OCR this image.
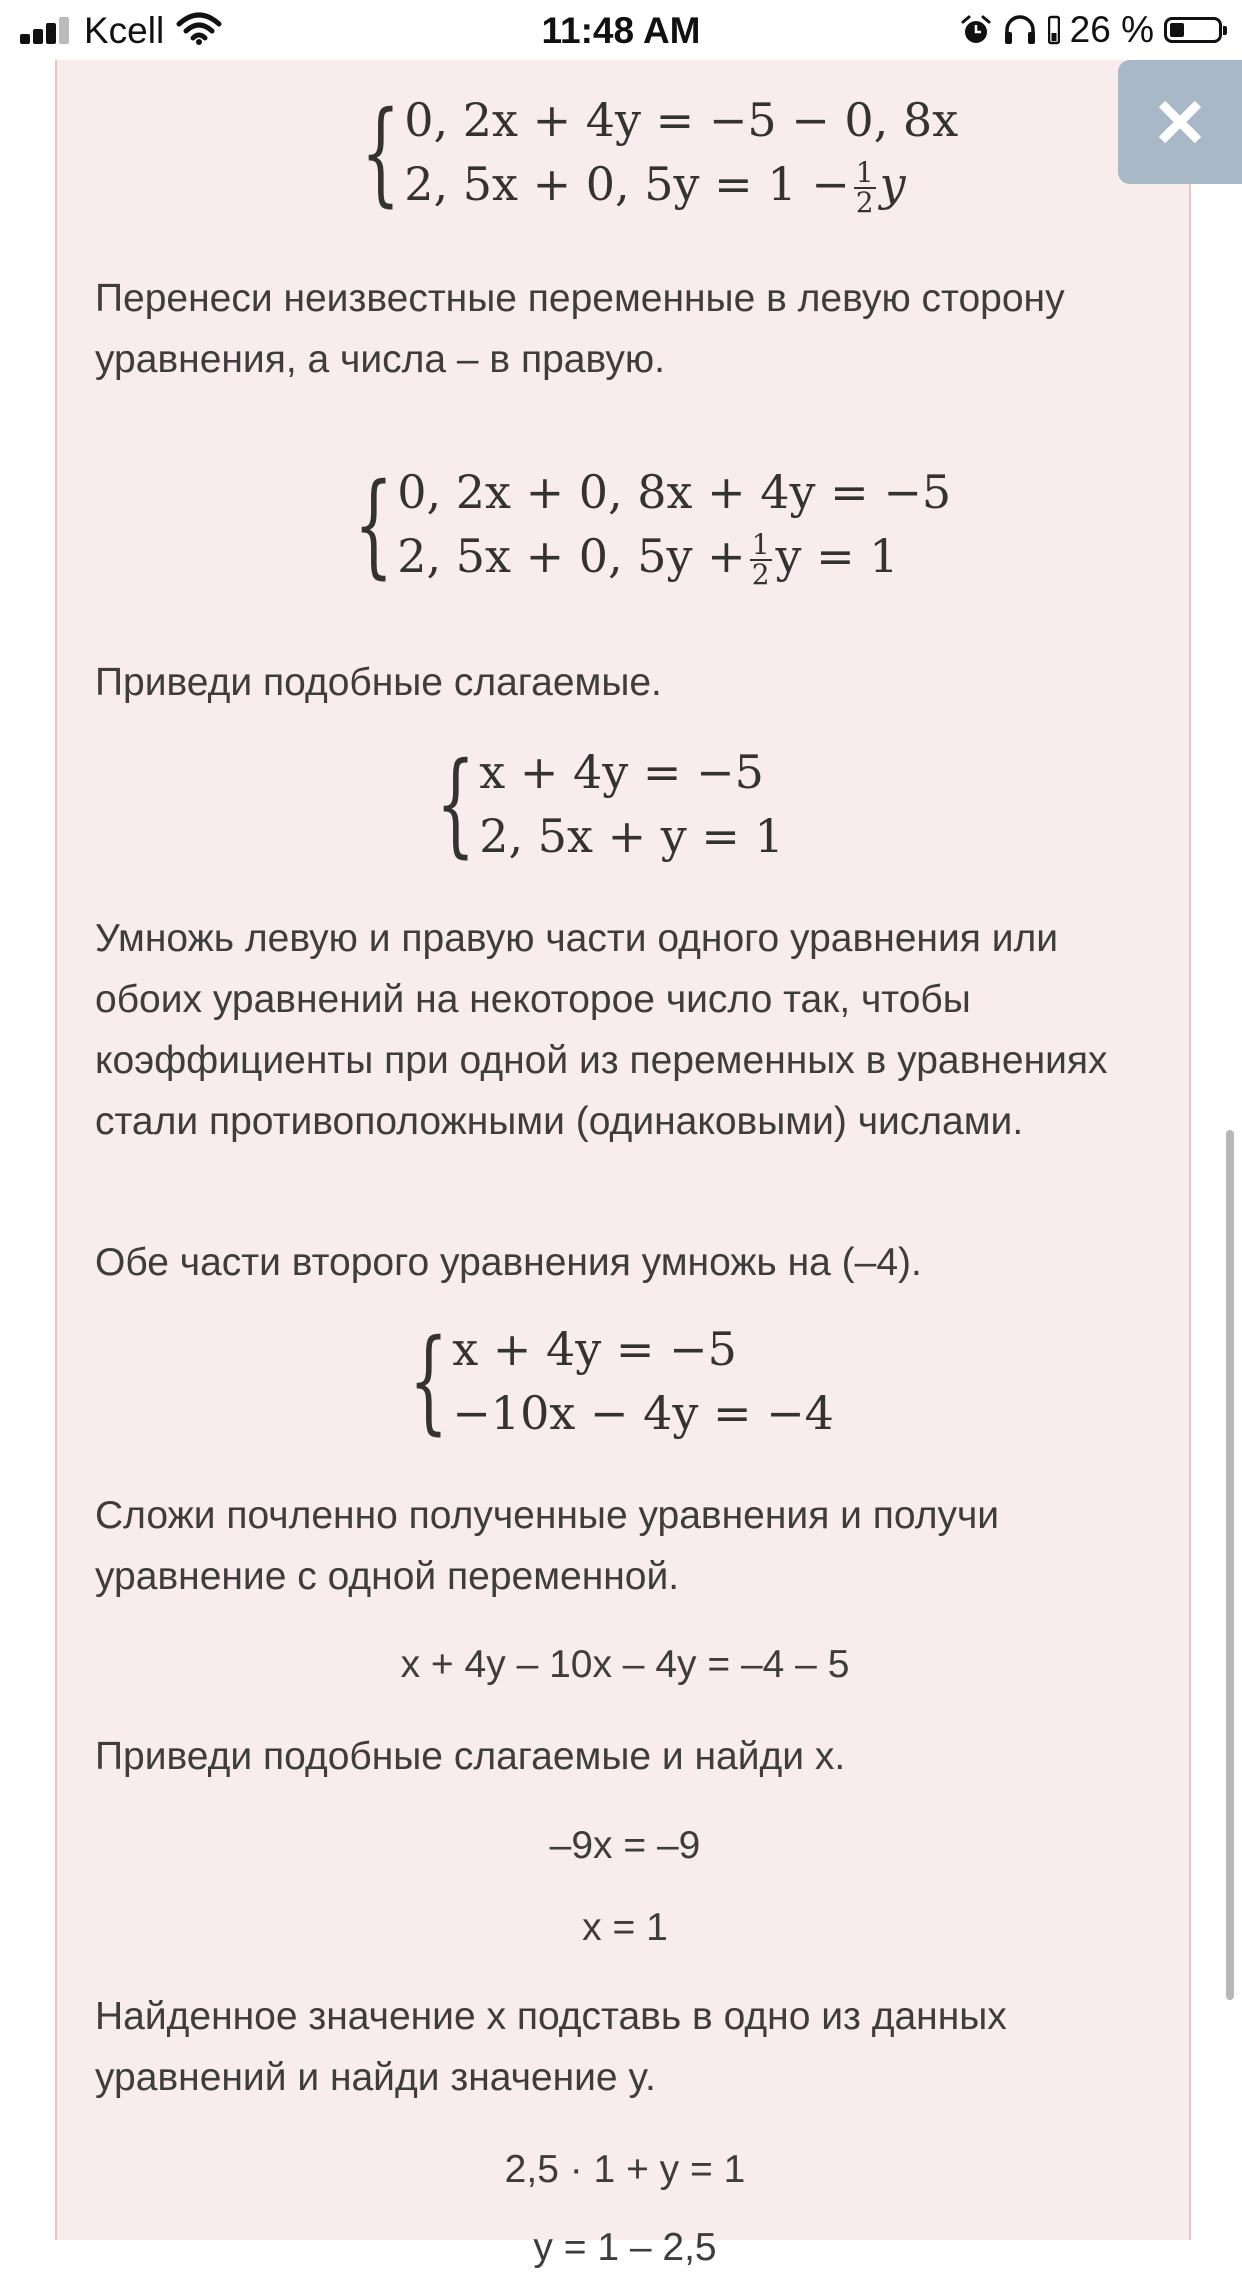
Kcell	11:48 AM	26 %
{ 0, 2x + 4y = −5 − 0, 8x
2, 5x + 0, $5y = 1 - \frac{1}{2}$ y

Перенеси неизвестные переменные в левую сторону уравнения, а числа – в правую.

{ 0, 2x + 0, 8x + 4y = −5
2, 5x + 0, $5y + \frac{1}{2}$ y = 1

Приведи подобные слагаемые.

{ x + 4y = −5
2, 5x + y = 1

Умножь левую и правую части одного уравнения или обоих уравнений на некоторое число так, чтобы коэффициенты при одной из переменных в уравнениях стали противоположными (одинаковыми) числами.

Обе части второго уравнения умножь на (–4).

{ x + 4y = −5
−10x − 4y = −4

Сложи почленно полученные уравнения и получи уравнение с одной переменной.

x + 4y – 10x – 4y = –4 – 5

Приведи подобные слагаемые и найди x.

–9x = –9
x = 1

Найденное значение x подставь в одно из данных уравнений и найди значение y.

2,5 · 1 + y = 1
y = 1 – 2,5
